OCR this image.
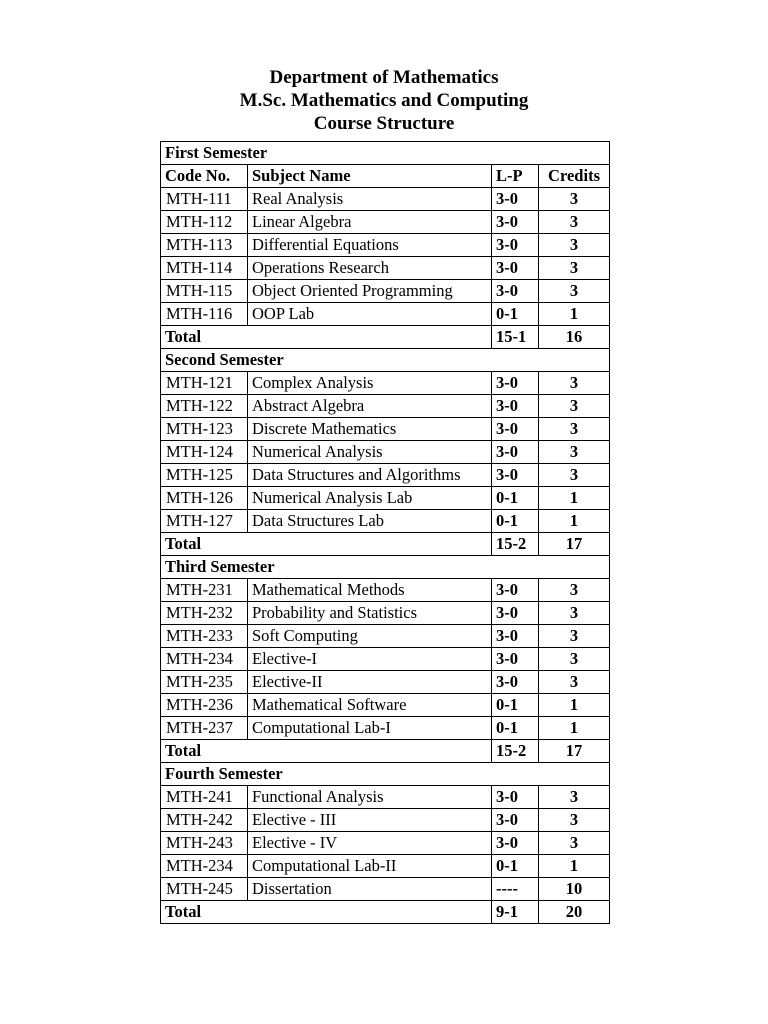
Department of Mathematics
M.Sc. Mathematics and Computing
Course Structure
First Semester			
Code No.	Subject Name	L-P	Credits
MTH-111	Real Analysis	3-0	3
MTH-112	Linear Algebra	3-0	3
MTH-113	Differential Equations	3-0	3
MTH-114	Operations Research	3-0	3
MTH-115	Object Oriented Programming	3-0	3
MTH-116	OOP Lab	0-1	1
Total		15-1	16
Second Semester			
MTH-121	Complex Analysis	3-0	3
MTH-122	Abstract Algebra	3-0	3
MTH-123	Discrete Mathematics	3-0	3
MTH-124	Numerical Analysis	3-0	3
MTH-125	Data Structures and Algorithms	3-0	3
MTH-126	Numerical Analysis Lab	0-1	1
MTH-127	Data Structures Lab	0-1	1
Total		15-2	17
Third Semester			
MTH-231	Mathematical Methods	3-0	3
MTH-232	Probability and Statistics	3-0	3
MTH-233	Soft Computing	3-0	3
MTH-234	Elective-I	3-0	3
MTH-235	Elective-II	3-0	3
MTH-236	Mathematical Software	0-1	1
MTH-237	Computational Lab-I	0-1	1
Total		15-2	17
Fourth Semester			
MTH-241	Functional Analysis	3-0	3
MTH-242	Elective - III	3-0	3
MTH-243	Elective - IV	3-0	3
MTH-234	Computational Lab-II	0-1	1
MTH-245	Dissertation	----	10
Total		9-1	20
